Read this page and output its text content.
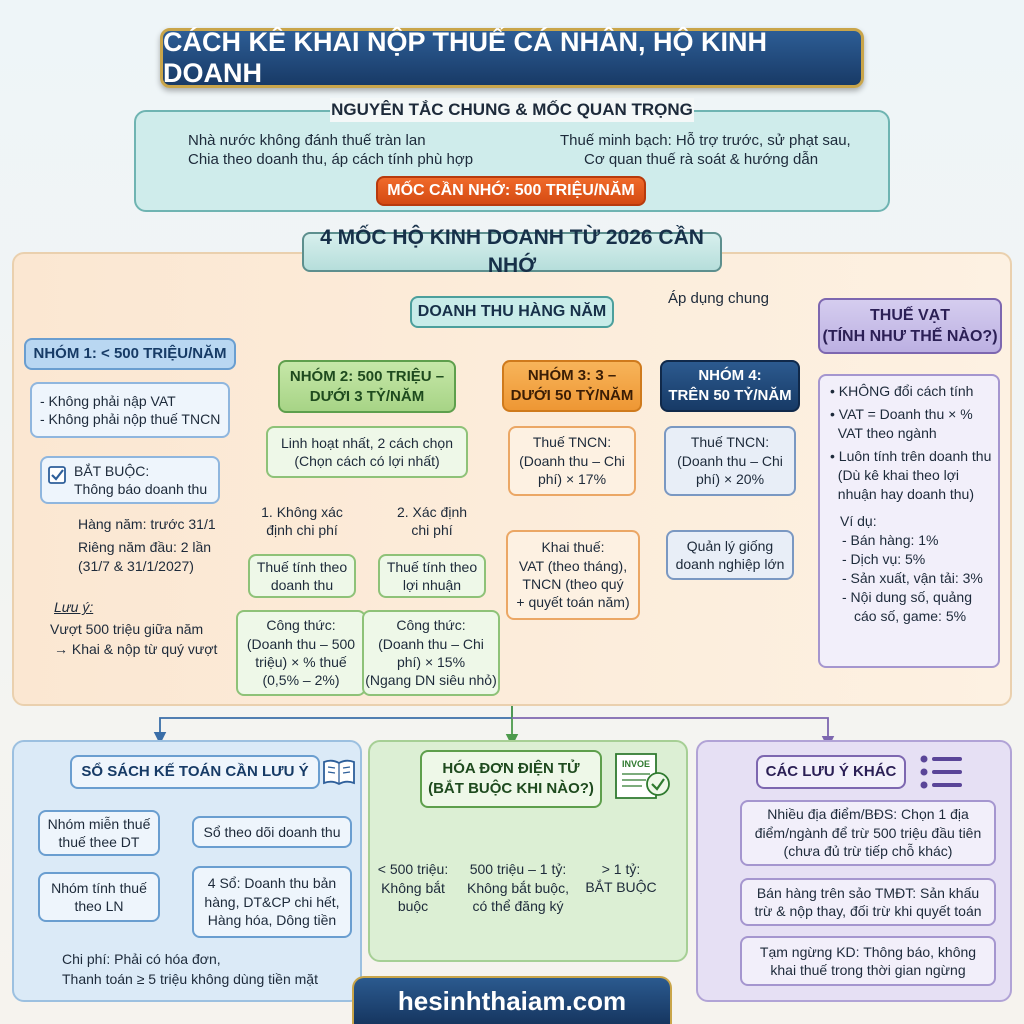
CÁCH KÊ KHAI NỘP THUẾ CÁ NHÂN, HỘ KINH DOANH
NGUYÊN TẮC CHUNG & MỐC QUAN TRỌNG
Nhà nước không đánh thuế tràn lan
Chia theo doanh thu, áp cách tính phù hợp
Thuế minh bạch: Hỗ trợ trước, sử phạt sau,
Cơ quan thuế rà soát & hướng dẫn
MỐC CẦN NHỚ: 500 TRIỆU/NĂM
4 MỐC HỘ KINH DOANH TỪ 2026 CẦN NHỚ
DOANH THU HÀNG NĂM
Áp dụng chung
NHÓM 1: < 500 TRIỆU/NĂM
- Không phải nập VAT
- Không phải nộp thuế TNCN
BẮT BUỘC:
Thông báo doanh thu
Hàng năm: trước 31/1
Riêng năm đầu: 2 lần
(31/7 & 31/1/2027)
Lưu ý:
Vượt 500 triệu giữa năm
→ Khai & nộp từ quý vượt
NHÓM 2: 500 TRIỆU –
DƯỚI 3 TỶ/NĂM
Linh hoạt nhất, 2 cách chọn
(Chọn cách có lợi nhất)
1. Không xác
định chi phí
2. Xác định
chi phí
Thuế tính theo
doanh thu
Thuế tính theo
lợi nhuận
Công thức:
(Doanh thu – 500
triệu) × % thuế
(0,5% – 2%)
Công thức:
(Doanh thu – Chi
phí) × 15%
(Ngang DN siêu nhỏ)
NHÓM 3: 3 –
DƯỚI 50 TỶ/NĂM
Thuế TNCN:
(Doanh thu – Chi
phí) × 17%
Khai thuế:
VAT (theo tháng),
TNCN (theo quý
+ quyết toán năm)
NHÓM 4:
TRÊN 50 TỶ/NĂM
Thuế TNCN:
(Doanh thu – Chi
phí) × 20%
Quản lý giống
doanh nghiệp lớn
THUẾ VẠT
(TÍNH NHƯ THẾ NÀO?)
• KHÔNG đổi cách tính
• VAT = Doanh thu × %
VAT theo ngành
• Luôn tính trên doanh thu
(Dù kê khai theo lợi
nhuận hay doanh thu)
Ví dụ:
- Bán hàng: 1%
- Dịch vụ: 5%
- Sản xuất, vận tải: 3%
- Nội dung số, quảng
cáo số, game: 5%
SỔ SÁCH KẾ TOÁN CẦN LƯU Ý
Nhóm miễn thuế
thuế thee DT
Sổ theo dõi doanh thu
Nhóm tính thuế
theo LN
4 Sổ: Doanh thu bản
hàng, DT&CP chi hết,
Hàng hóa, Dông tiền
Chi phí: Phải có hóa đơn,
Thanh toán ≥ 5 triệu không dùng tiền mặt
HÓA ĐƠN ĐIỆN TỬ
(BẮT BUỘC KHI NÀO?)
INVOE
< 500 triệu:
Không bắt
buộc
500 triệu – 1 tỷ:
Không bắt buộc,
có thể đăng ký
> 1 tỷ:
BẮT BUỘC
CÁC LƯU Ý KHÁC
Nhiều địa điểm/BĐS: Chọn 1 địa
điểm/ngành để trừ 500 triệu đầu tiên
(chưa đủ trừ tiếp chỗ khác)
Bán hàng trên sảo TMĐT: Sản khấu
trừ & nộp thay, đối trừ khi quyết toán
Tạm ngừng KD: Thông báo, không
khai thuế trong thời gian ngừng
hesinhthaiam.com
